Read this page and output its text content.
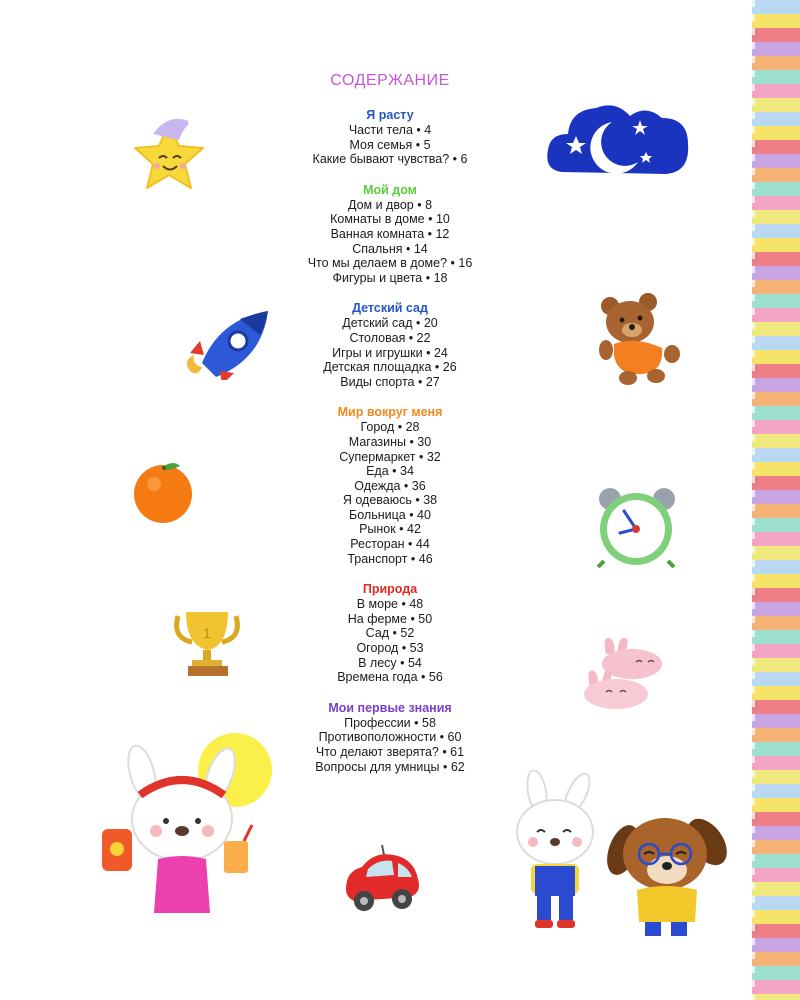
СОДЕРЖАНИЕ

Я расту

Части тела • 4

Моя семья • 5

Какие бывают чувства? • 6

Мой дом

Дом и двор • 8

Комнаты в доме • 10

Ванная комната • 12

Спальня • 14

Что мы делаем в доме? • 16

Фигуры и цвета • 18

Детский сад

Детский сад • 20

Столовая • 22

Игры и игрушки • 24

Детская площадка • 26

Виды спорта • 27

Мир вокруг меня

Город • 28

Магазины • 30

Супермаркет • 32

Еда • 34

Одежда • 36

Я одеваюсь • 38

Больница • 40

Рынок • 42

Ресторан • 44

Транспорт • 46

Природа

В море • 48

На ферме • 50

Сад • 52

Огород • 53

В лесу • 54

Времена года • 56

Мои первые знания

Профессии • 58

Противоположности • 60

Что делают зверята? • 61

Вопросы для умницы • 62

1
